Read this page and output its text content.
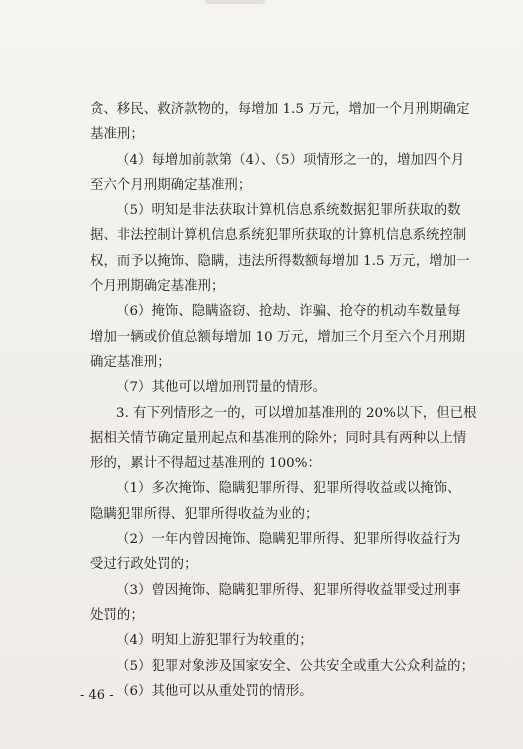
贪、移民、救济款物的，每增加 1.5 万元，增加一个月刑期确定
基准刑；
（4）每增加前款第（4）、（5）项情形之一的，增加四个月
至六个月刑期确定基准刑；
（5）明知是非法获取计算机信息系统数据犯罪所获取的数
据、非法控制计算机信息系统犯罪所获取的计算机信息系统控制
权，而予以掩饰、隐瞒，违法所得数额每增加 1.5 万元，增加一
个月刑期确定基准刑；
（6）掩饰、隐瞒盗窃、抢劫、诈骗、抢夺的机动车数量每
增加一辆或价值总额每增加 10 万元，增加三个月至六个月刑期
确定基准刑；
（7）其他可以增加刑罚量的情形。
3. 有下列情形之一的，可以增加基准刑的 20%以下，但已根
据相关情节确定量刑起点和基准刑的除外；同时具有两种以上情
形的，累计不得超过基准刑的 100%：
（1）多次掩饰、隐瞒犯罪所得、犯罪所得收益或以掩饰、
隐瞒犯罪所得、犯罪所得收益为业的；
（2）一年内曾因掩饰、隐瞒犯罪所得、犯罪所得收益行为
受过行政处罚的；
（3）曾因掩饰、隐瞒犯罪所得、犯罪所得收益罪受过刑事
处罚的；
（4）明知上游犯罪行为较重的；
（5）犯罪对象涉及国家安全、公共安全或重大公众利益的；
（6）其他可以从重处罚的情形。
- 46 -
